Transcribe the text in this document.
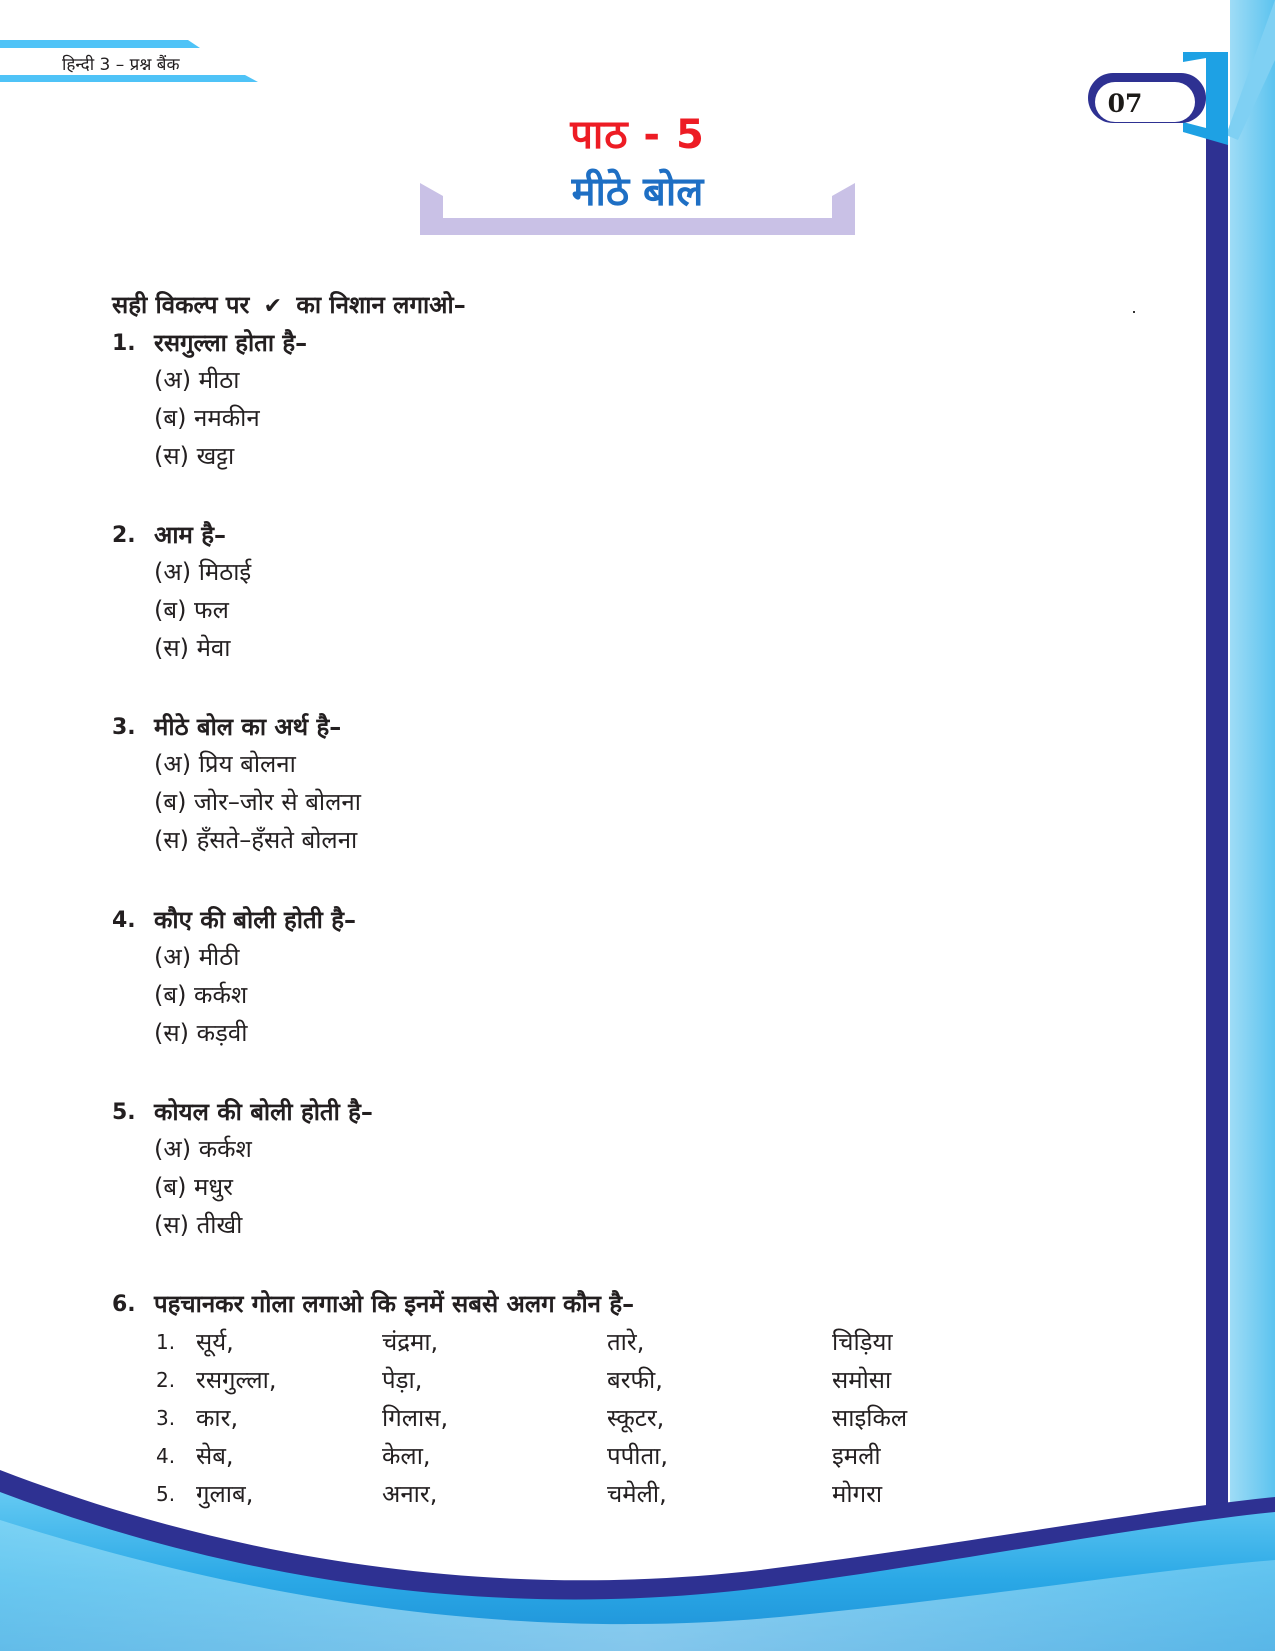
हिन्दी 3 – प्रश्न बैंक
07
पाठ - 5
मीठे बोल
सही विकल्प पर ✔ का निशान लगाओ–
1. रसगुल्ला होता है–
(अ) मीठा
(ब) नमकीन
(स) खट्टा
2. आम है–
(अ) मिठाई
(ब) फल
(स) मेवा
3. मीठे बोल का अर्थ है–
(अ) प्रिय बोलना
(ब) जोर–जोर से बोलना
(स) हँसते–हँसते बोलना
4. कौए की बोली होती है–
(अ) मीठी
(ब) कर्कश
(स) कड़वी
5. कोयल की बोली होती है–
(अ) कर्कश
(ब) मधुर
(स) तीखी
6. पहचानकर गोला लगाओ कि इनमें सबसे अलग कौन है–
1. सूर्य,	चंद्रमा,	तारे,	चिड़िया
2. रसगुल्ला,	पेड़ा,	बरफी,	समोसा
3. कार,	गिलास,	स्कूटर,	साइकिल
4. सेब,	केला,	पपीता,	इमली
5. गुलाब,	अनार,	चमेली,	मोगरा
